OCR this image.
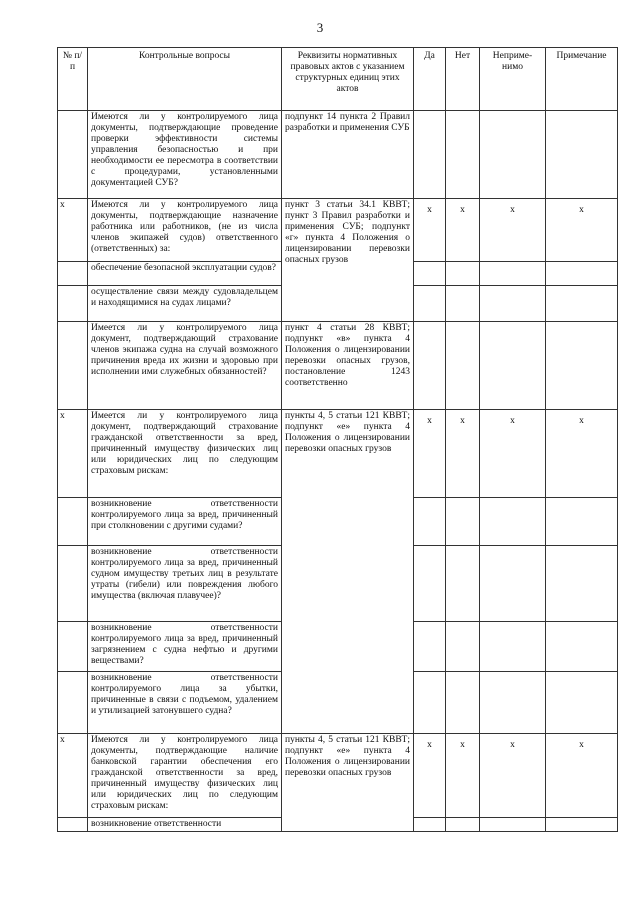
3
№ п/п	Контрольные вопросы	Реквизиты нормативных правовых актов с указанием структурных единиц этих актов	Да	Нет	Неприме-нимо	Примечание
	Имеются ли у контролируемого лица документы, подтверждающие проведение проверки эффективности системы управления безопасностью и при необходимости ее пересмотра в соответствии с процедурами, установленными документацией СУБ?	подпункт 14 пункта 2 Правил разработки и применения СУБ				
x	Имеются ли у контролируемого лица документы, подтверждающие назначение работника или работников, (не из числа членов экипажей судов) ответственного (ответственных) за:	пункт 3 статьи 34.1 КВВТ; пункт 3 Правил разработки и применения СУБ; подпункт «г» пункта 4 Положения о лицензировании перевозки опасных грузов	x	x	x	x
	обеспечение безопасной эксплуатации судов?					
	осуществление связи между судовладельцем и находящимися на судах лицами?					
	Имеется ли у контролируемого лица документ, подтверждающий страхование членов экипажа судна на случай возможного причинения вреда их жизни и здоровью при исполнении ими служебных обязанностей?	пункт 4 статьи 28 КВВТ; подпункт «в» пункта 4 Положения о лицензировании перевозки опасных грузов, постановление 1243 соответственно				
x	Имеется ли у контролируемого лица документ, подтверждающий страхование гражданской ответственности за вред, причиненный имуществу физических лиц или юридических лиц по следующим страховым рискам:	пункты 4, 5 статьи 121 КВВТ; подпункт «е» пункта 4 Положения о лицензировании перевозки опасных грузов	x	x	x	x
	возникновение ответственности контролируемого лица за вред, причиненный при столкновении с другими судами?					
	возникновение ответственности контролируемого лица за вред, причиненный судном имуществу третьих лиц в результате утраты (гибели) или повреждения любого имущества (включая плавучее)?					
	возникновение ответственности контролируемого лица за вред, причиненный загрязнением с судна нефтью и другими веществами?					
	возникновение ответственности контролируемого лица за убытки, причиненные в связи с подъемом, удалением и утилизацией затонувшего судна?					
x	Имеются ли у контролируемого лица документы, подтверждающие наличие банковской гарантии обеспечения его гражданской ответственности за вред, причиненный имуществу физических лиц или юридических лиц по следующим страховым рискам:	пункты 4, 5 статьи 121 КВВТ; подпункт «е» пункта 4 Положения о лицензировании перевозки опасных грузов	x	x	x	x
	возникновение ответственности					
